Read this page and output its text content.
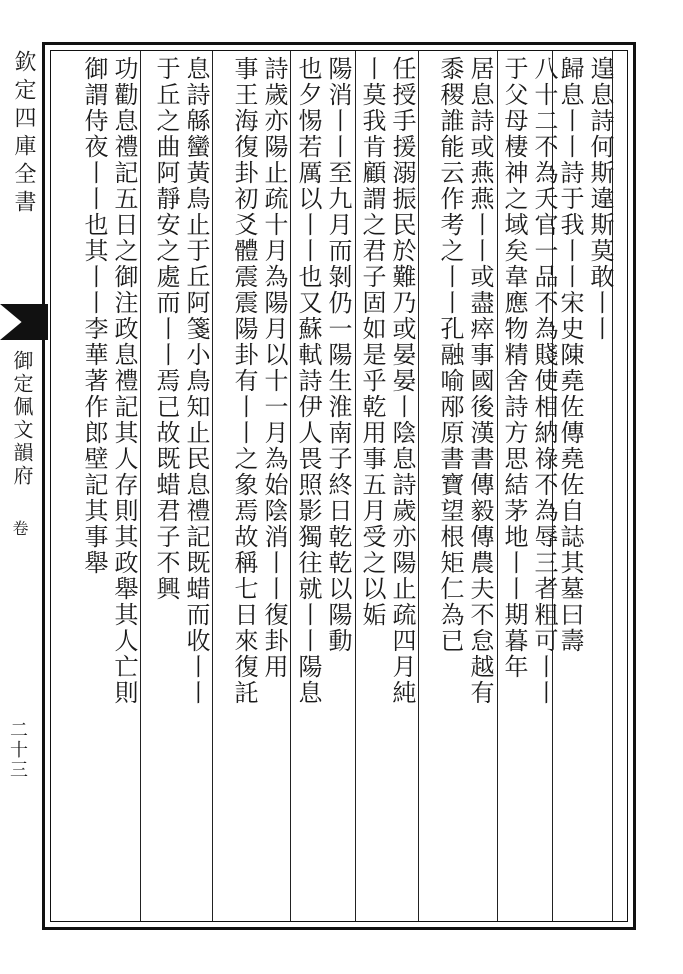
欽定四庫全書
御定佩文韻府
卷
二十三
遑息詩何斯違斯莫敢丨丨
歸息丨丨詩于我丨丨宋史陳堯佐傳堯佐自誌其墓曰壽
八十二不為夭官一品不為賤使相納祿不為辱三者粗可丨丨
于父母棲神之域矣韋應物精舍詩方思結茅地丨丨期暮年
居息詩或燕燕丨丨或盡瘁事國後漢書傳毅傳農夫不怠越有
黍稷誰能云作考之丨丨孔融喻邴原書寶望根矩仁為已
任授手援溺振民於難乃或晏晏丨陰息詩歲亦陽止疏四月純
丨莫我肯顧謂之君子固如是乎乾用事五月受之以姤
陽消丨丨至九月而剝仍一陽生淮南子終日乾乾以陽動
也夕惕若厲以丨丨也又蘇軾詩伊人畏照影獨往就丨丨陽息
詩歲亦陽止疏十月為陽月以十一月為始陰消丨丨復卦用
事王海復卦初爻體震震陽卦有丨丨之象焉故稱七日來復託
息詩緜蠻黃鳥止于丘阿箋小鳥知止民息禮記既蜡而收丨丨
于丘之曲阿靜安之處而丨丨焉已故既蜡君子不興
功勸息禮記五日之御注政息禮記其人存則其政舉其人亡則
御謂侍夜丨丨也其丨丨李華著作郎壁記其事舉
